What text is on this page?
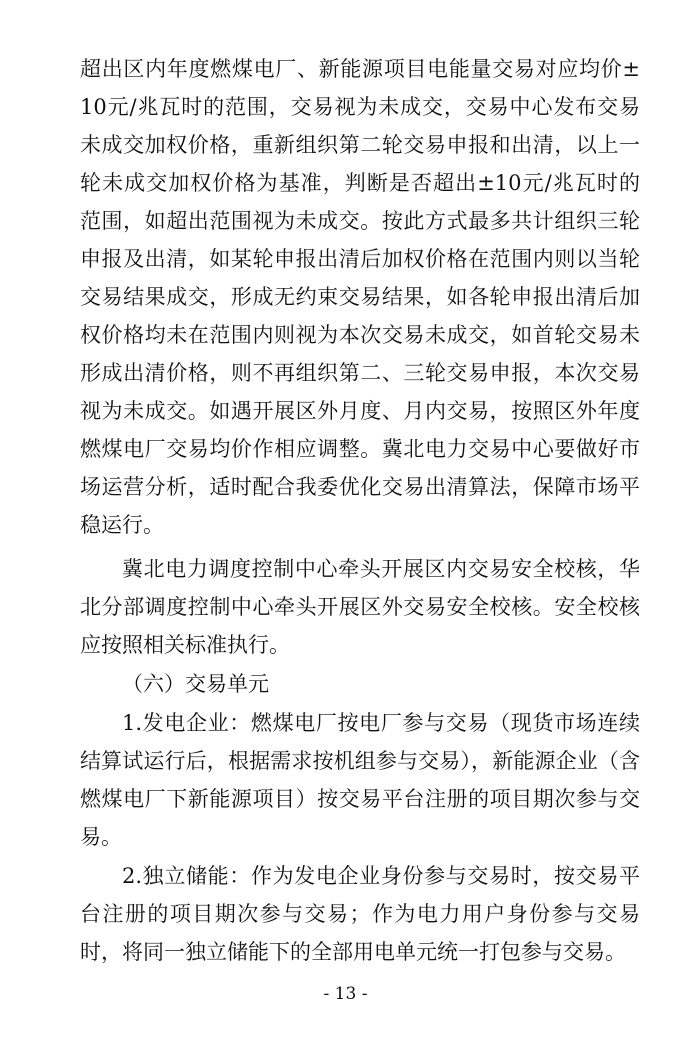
超出区内年度燃煤电厂、新能源项目电能量交易对应均价±
10元/兆瓦时的范围，交易视为未成交，交易中心发布交易
未成交加权价格，重新组织第二轮交易申报和出清，以上一
轮未成交加权价格为基准，判断是否超出±10元/兆瓦时的
范围，如超出范围视为未成交。按此方式最多共计组织三轮
申报及出清，如某轮申报出清后加权价格在范围内则以当轮
交易结果成交，形成无约束交易结果，如各轮申报出清后加
权价格均未在范围内则视为本次交易未成交，如首轮交易未
形成出清价格，则不再组织第二、三轮交易申报，本次交易
视为未成交。如遇开展区外月度、月内交易，按照区外年度
燃煤电厂交易均价作相应调整。冀北电力交易中心要做好市
场运营分析，适时配合我委优化交易出清算法，保障市场平
稳运行。
冀北电力调度控制中心牵头开展区内交易安全校核，华
北分部调度控制中心牵头开展区外交易安全校核。安全校核
应按照相关标准执行。
（六）交易单元
1.发电企业：燃煤电厂按电厂参与交易（现货市场连续
结算试运行后，根据需求按机组参与交易），新能源企业（含
燃煤电厂下新能源项目）按交易平台注册的项目期次参与交
易。
2.独立储能：作为发电企业身份参与交易时，按交易平
台注册的项目期次参与交易；作为电力用户身份参与交易
时，将同一独立储能下的全部用电单元统一打包参与交易。
- 13 -
